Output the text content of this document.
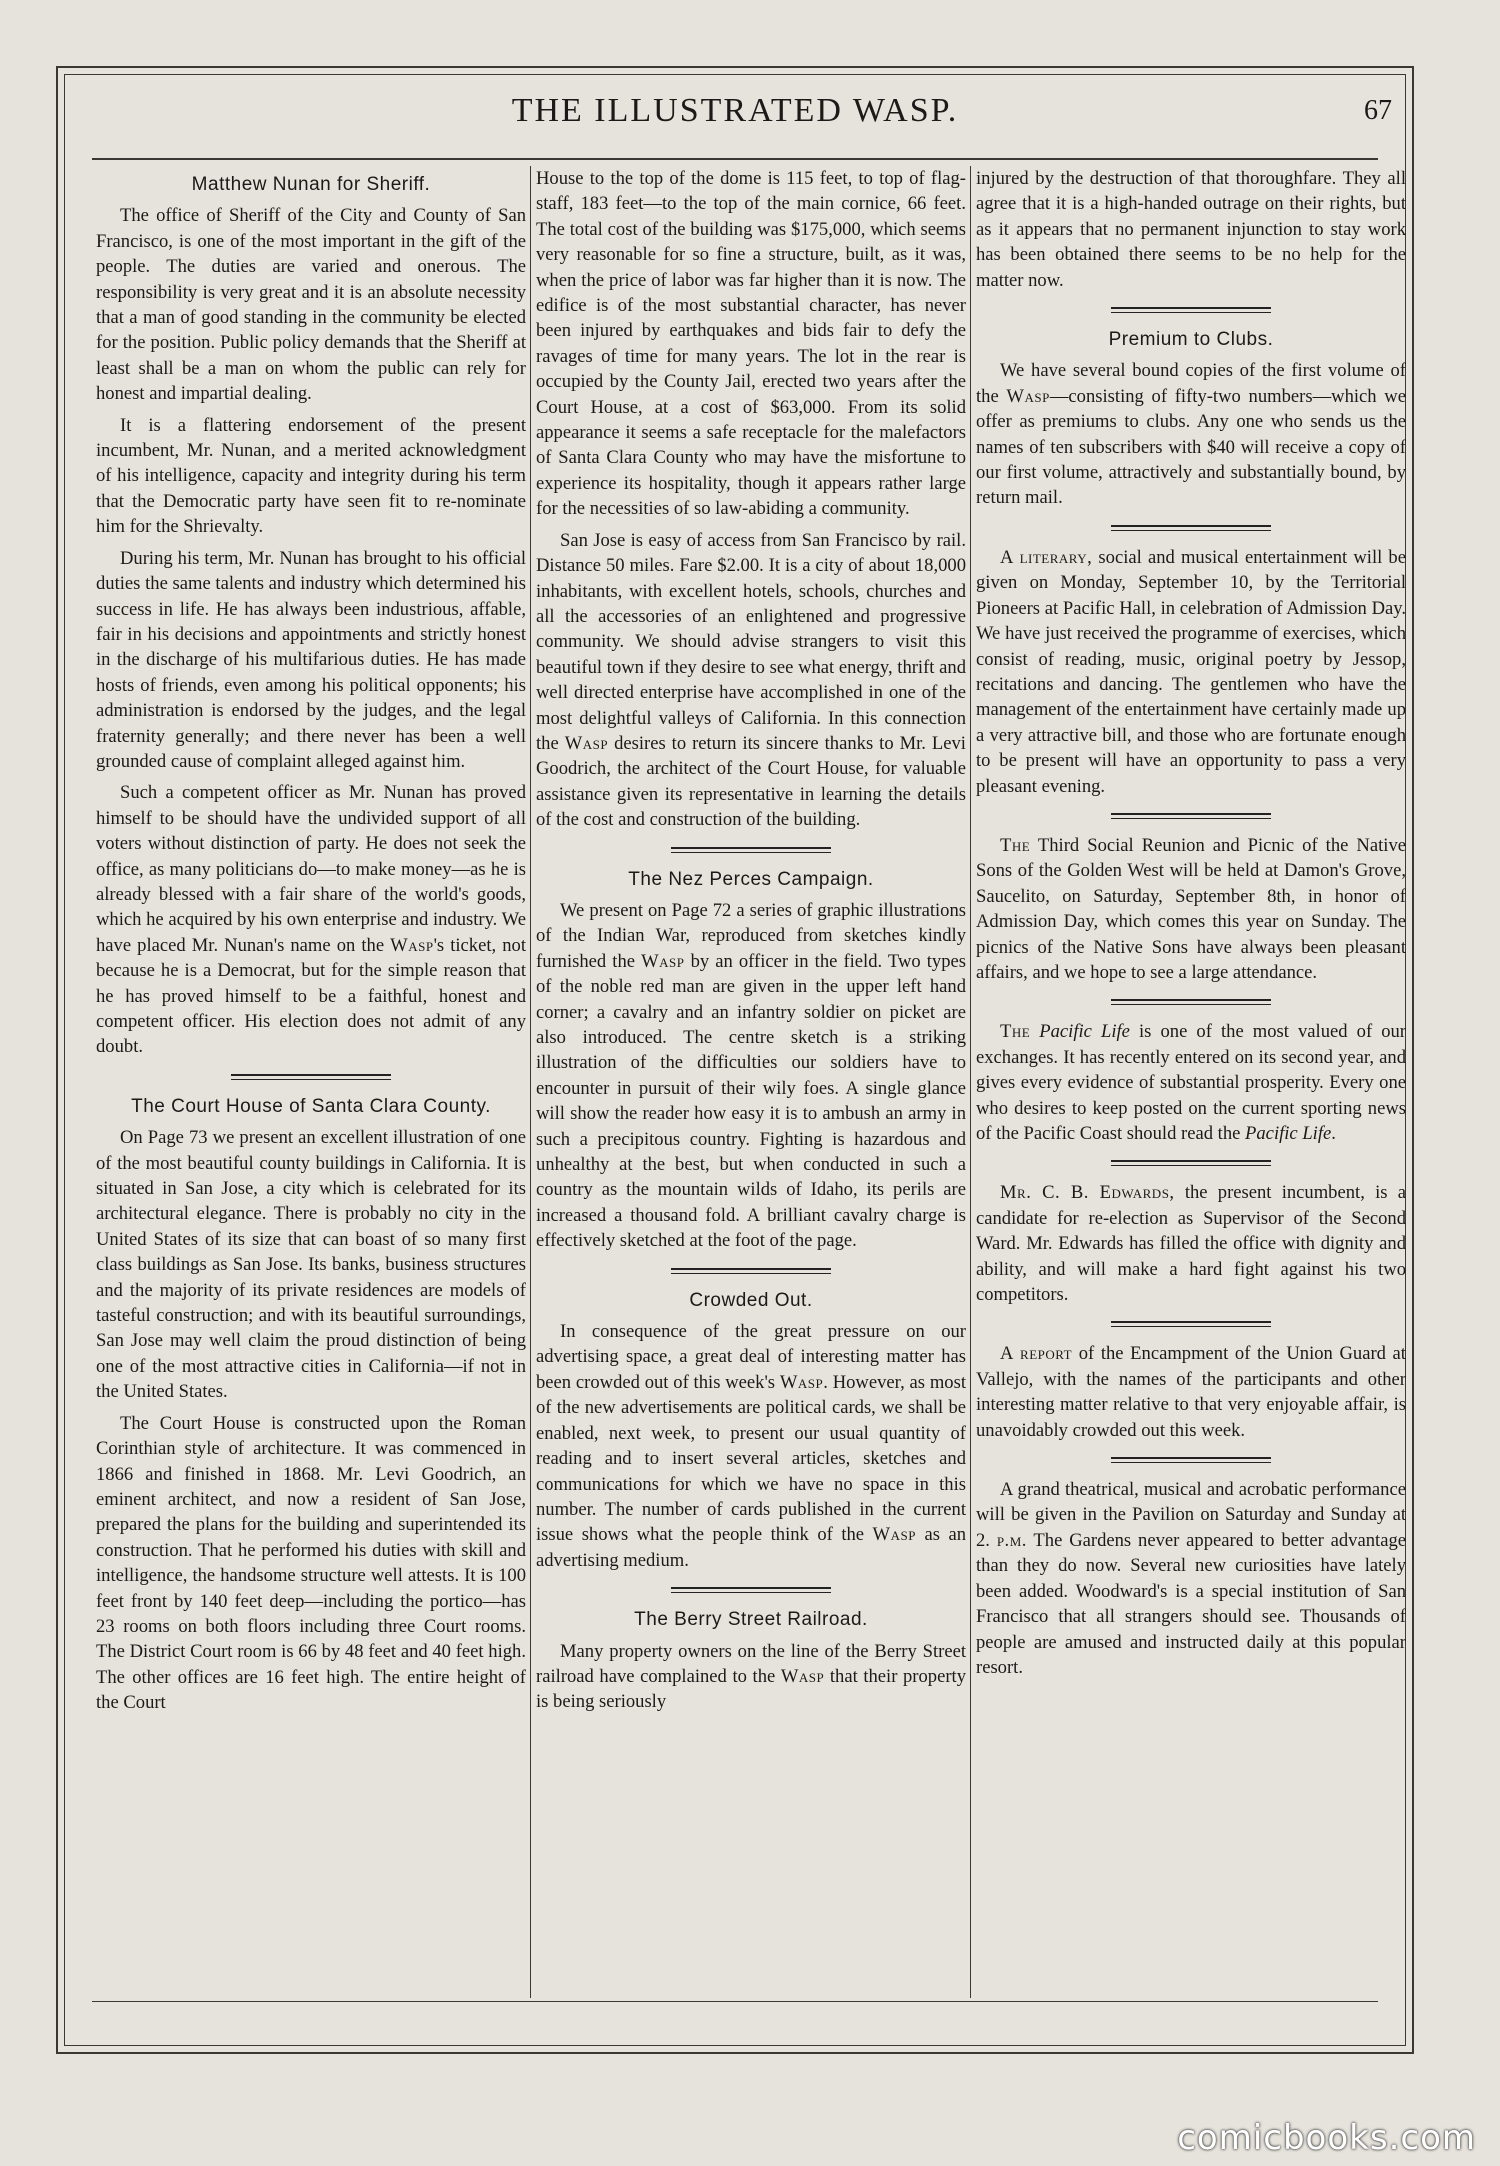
THE ILLUSTRATED WASP.	67
Matthew Nunan for Sheriff.

The office of Sheriff of the City and County of San Francisco, is one of the most important in the gift of the people. The duties are varied and onerous. The responsibility is very great and it is an absolute necessity that a man of good standing in the community be elected for the position. Public policy demands that the Sheriff at least shall be a man on whom the public can rely for honest and impartial dealing.

It is a flattering endorsement of the present incumbent, Mr. Nunan, and a merited acknowledgment of his intelligence, capacity and integrity during his term that the Democratic party have seen fit to re-nominate him for the Shrievalty.

During his term, Mr. Nunan has brought to his official duties the same talents and industry which determined his success in life. He has always been industrious, affable, fair in his decisions and appointments and strictly honest in the discharge of his multifarious duties. He has made hosts of friends, even among his political opponents; his administration is endorsed by the judges, and the legal fraternity generally; and there never has been a well grounded cause of complaint alleged against him.

Such a competent officer as Mr. Nunan has proved himself to be should have the undivided support of all voters without distinction of party. He does not seek the office, as many politicians do—to make money—as he is already blessed with a fair share of the world's goods, which he acquired by his own enterprise and industry. We have placed Mr. Nunan's name on the Wasp's ticket, not because he is a Democrat, but for the simple reason that he has proved himself to be a faithful, honest and competent officer. His election does not admit of any doubt.

The Court House of Santa Clara County.

On Page 73 we present an excellent illustration of one of the most beautiful county buildings in California. It is situated in San Jose, a city which is celebrated for its architectural elegance. There is probably no city in the United States of its size that can boast of so many first class buildings as San Jose. Its banks, business structures and the majority of its private residences are models of tasteful construction; and with its beautiful surroundings, San Jose may well claim the proud distinction of being one of the most attractive cities in California—if not in the United States.

The Court House is constructed upon the Roman Corinthian style of architecture. It was commenced in 1866 and finished in 1868. Mr. Levi Goodrich, an eminent architect, and now a resident of San Jose, prepared the plans for the building and superintended its construction. That he performed his duties with skill and intelligence, the handsome structure well attests. It is 100 feet front by 140 feet deep—including the portico—has 23 rooms on both floors including three Court rooms. The District Court room is 66 by 48 feet and 40 feet high. The other offices are 16 feet high. The entire height of the Court

House to the top of the dome is 115 feet, to top of flag-staff, 183 feet—to the top of the main cornice, 66 feet. The total cost of the building was $175,000, which seems very reasonable for so fine a structure, built, as it was, when the price of labor was far higher than it is now. The edifice is of the most substantial character, has never been injured by earthquakes and bids fair to defy the ravages of time for many years. The lot in the rear is occupied by the County Jail, erected two years after the Court House, at a cost of $63,000. From its solid appearance it seems a safe receptacle for the malefactors of Santa Clara County who may have the misfortune to experience its hospitality, though it appears rather large for the necessities of so law-abiding a community.

San Jose is easy of access from San Francisco by rail. Distance 50 miles. Fare $2.00. It is a city of about 18,000 inhabitants, with excellent hotels, schools, churches and all the accessories of an enlightened and progressive community. We should advise strangers to visit this beautiful town if they desire to see what energy, thrift and well directed enterprise have accomplished in one of the most delightful valleys of California. In this connection the Wasp desires to return its sincere thanks to Mr. Levi Goodrich, the architect of the Court House, for valuable assistance given its representative in learning the details of the cost and construction of the building.

The Nez Perces Campaign.

We present on Page 72 a series of graphic illustrations of the Indian War, reproduced from sketches kindly furnished the Wasp by an officer in the field. Two types of the noble red man are given in the upper left hand corner; a cavalry and an infantry soldier on picket are also introduced. The centre sketch is a striking illustration of the difficulties our soldiers have to encounter in pursuit of their wily foes. A single glance will show the reader how easy it is to ambush an army in such a precipitous country. Fighting is hazardous and unhealthy at the best, but when conducted in such a country as the mountain wilds of Idaho, its perils are increased a thousand fold. A brilliant cavalry charge is effectively sketched at the foot of the page.

Crowded Out.

In consequence of the great pressure on our advertising space, a great deal of interesting matter has been crowded out of this week's Wasp. However, as most of the new advertisements are political cards, we shall be enabled, next week, to present our usual quantity of reading and to insert several articles, sketches and communications for which we have no space in this number. The number of cards published in the current issue shows what the people think of the Wasp as an advertising medium.

The Berry Street Railroad.

Many property owners on the line of the Berry Street railroad have complained to the Wasp that their property is being seriously

injured by the destruction of that thoroughfare. They all agree that it is a high-handed outrage on their rights, but as it appears that no permanent injunction to stay work has been obtained there seems to be no help for the matter now.

Premium to Clubs.

We have several bound copies of the first volume of the Wasp—consisting of fifty-two numbers—which we offer as premiums to clubs. Any one who sends us the names of ten subscribers with $40 will receive a copy of our first volume, attractively and substantially bound, by return mail.

A literary, social and musical entertainment will be given on Monday, September 10, by the Territorial Pioneers at Pacific Hall, in celebration of Admission Day. We have just received the programme of exercises, which consist of reading, music, original poetry by Jessop, recitations and dancing. The gentlemen who have the management of the entertainment have certainly made up a very attractive bill, and those who are fortunate enough to be present will have an opportunity to pass a very pleasant evening.

The Third Social Reunion and Picnic of the Native Sons of the Golden West will be held at Damon's Grove, Saucelito, on Saturday, September 8th, in honor of Admission Day, which comes this year on Sunday. The picnics of the Native Sons have always been pleasant affairs, and we hope to see a large attendance.

The Pacific Life is one of the most valued of our exchanges. It has recently entered on its second year, and gives every evidence of substantial prosperity. Every one who desires to keep posted on the current sporting news of the Pacific Coast should read the Pacific Life.

Mr. C. B. Edwards, the present incumbent, is a candidate for re-election as Supervisor of the Second Ward. Mr. Edwards has filled the office with dignity and ability, and will make a hard fight against his two competitors.

A report of the Encampment of the Union Guard at Vallejo, with the names of the participants and other interesting matter relative to that very enjoyable affair, is unavoidably crowded out this week.

A grand theatrical, musical and acrobatic performance will be given in the Pavilion on Saturday and Sunday at 2. p.m. The Gardens never appeared to better advantage than they do now. Several new curiosities have lately been added. Woodward's is a special institution of San Francisco that all strangers should see. Thousands of people are amused and instructed daily at this popular resort.

comicbooks.com
